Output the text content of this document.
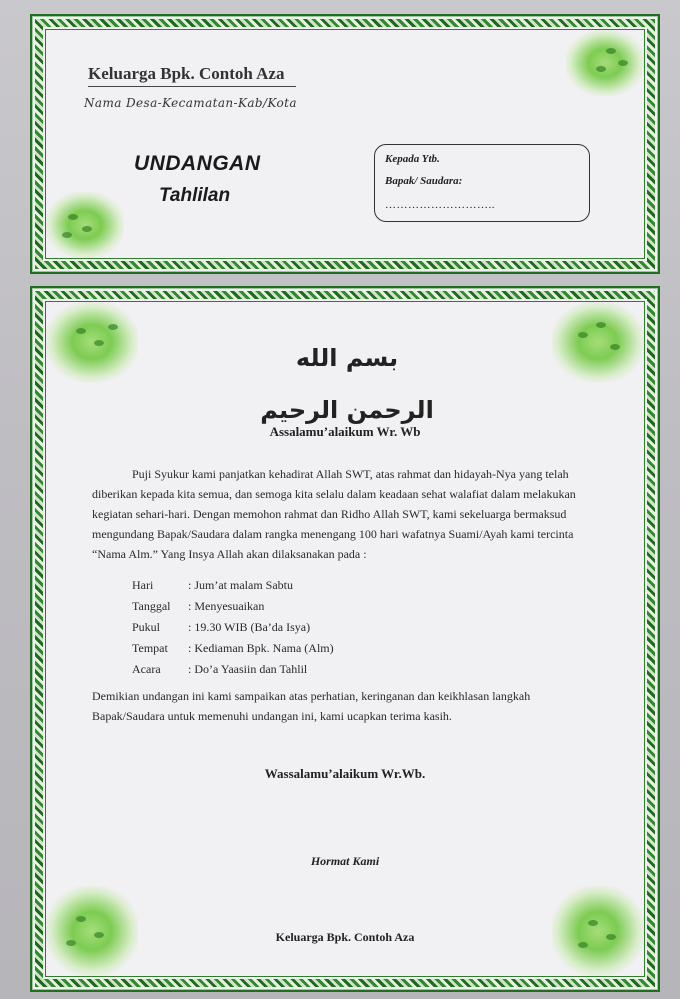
Keluarga Bpk. Contoh Aza
Nama Desa-Kecamatan-Kab/Kota
UNDANGAN
Tahlilan
Kepada Ytb.
Bapak/ Saudara:
………………………..
بسم الله الرحمن الرحيم
Assalamu’alaikum Wr. Wb

Puji Syukur kami panjatkan kehadirat Allah SWT, atas rahmat dan hidayah-Nya yang telah diberikan kepada kita semua, dan semoga kita selalu dalam keadaan sehat walafiat dalam melakukan kegiatan sehari-hari. Dengan memohon rahmat dan Ridho Allah SWT, kami sekeluarga bermaksud mengundang Bapak/Saudara dalam rangka menengang 100 hari wafatnya Suami/Ayah kami tercinta “Nama Alm.” Yang Insya Allah akan dilaksanakan pada :

Hari	: Jum’at malam Sabtu
Tanggal : Menyesuaikan
Pukul : 19.30 WIB (Ba’da Isya)
Tempat : Kediaman Bpk. Nama (Alm)
Acara : Do’a Yaasiin dan Tahlil

Demikian undangan ini kami sampaikan atas perhatian, keringanan dan keikhlasan langkah Bapak/Saudara untuk memenuhi undangan ini, kami ucapkan terima kasih.

Wassalamu’alaikum Wr.Wb.
Hormat Kami
Keluarga Bpk. Contoh Aza
